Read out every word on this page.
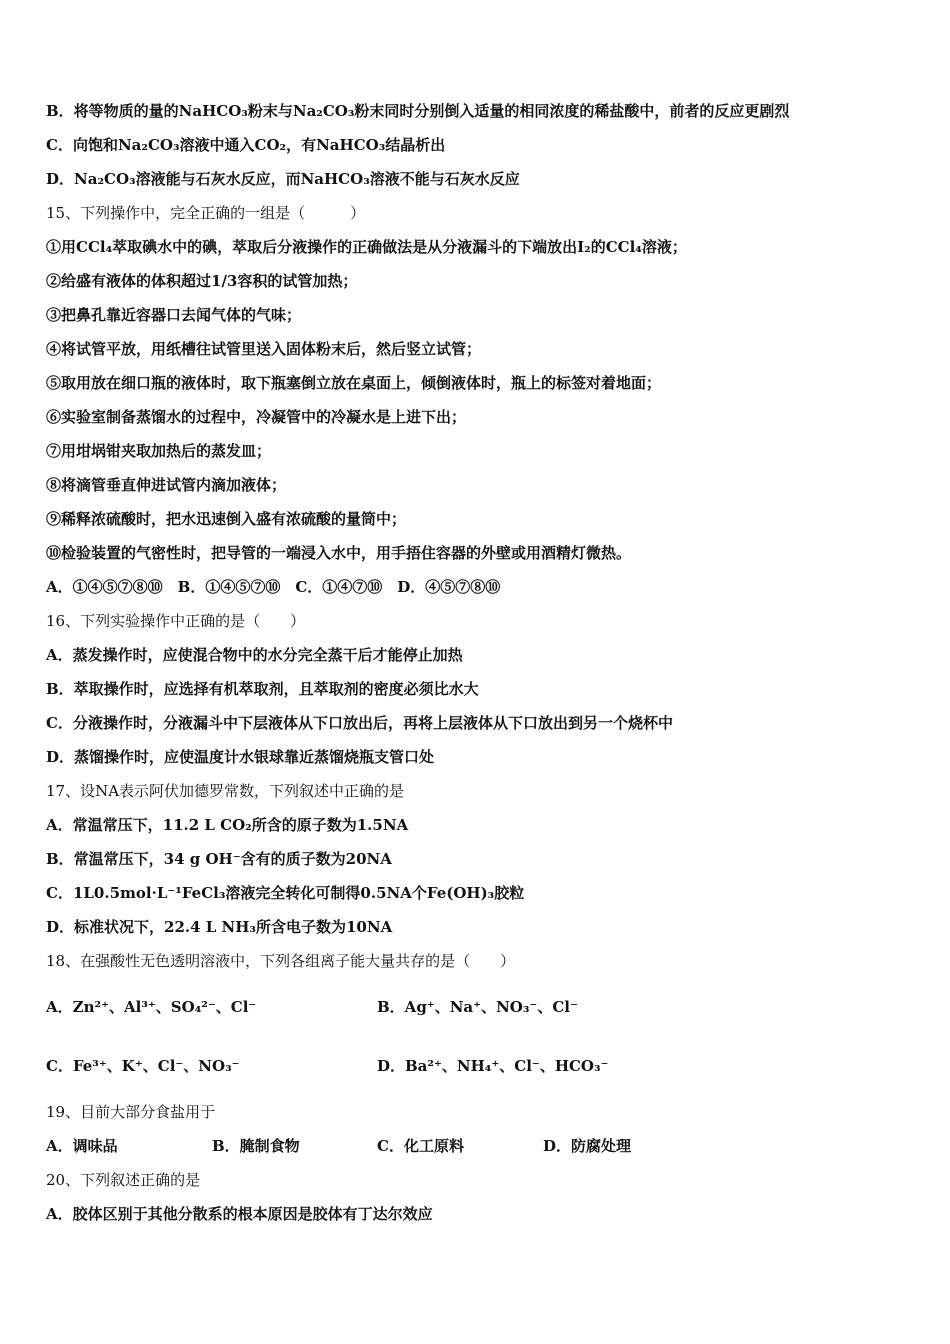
B．将等物质的量的NaHCO₃粉末与Na₂CO₃粉末同时分别倒入适量的相同浓度的稀盐酸中，前者的反应更剧烈
C．向饱和Na₂CO₃溶液中通入CO₂，有NaHCO₃结晶析出
D．Na₂CO₃溶液能与石灰水反应，而NaHCO₃溶液不能与石灰水反应
15、下列操作中，完全正确的一组是（　　　）
①用CCl₄萃取碘水中的碘，萃取后分液操作的正确做法是从分液漏斗的下端放出I₂的CCl₄溶液；
②给盛有液体的体积超过1/3容积的试管加热；
③把鼻孔靠近容器口去闻气体的气味；
④将试管平放，用纸槽往试管里送入固体粉末后，然后竖立试管；
⑤取用放在细口瓶的液体时，取下瓶塞倒立放在桌面上，倾倒液体时，瓶上的标签对着地面；
⑥实验室制备蒸馏水的过程中，冷凝管中的冷凝水是上进下出；
⑦用坩埚钳夹取加热后的蒸发皿；
⑧将滴管垂直伸进试管内滴加液体；
⑨稀释浓硫酸时，把水迅速倒入盛有浓硫酸的量筒中；
⑩检验装置的气密性时，把导管的一端浸入水中，用手捂住容器的外壁或用酒精灯微热。
A．①④⑤⑦⑧⑩　B．①④⑤⑦⑩　C．①④⑦⑩　D．④⑤⑦⑧⑩
16、下列实验操作中正确的是（　　）
A．蒸发操作时，应使混合物中的水分完全蒸干后才能停止加热
B．萃取操作时，应选择有机萃取剂，且萃取剂的密度必须比水大
C．分液操作时，分液漏斗中下层液体从下口放出后，再将上层液体从下口放出到另一个烧杯中
D．蒸馏操作时，应使温度计水银球靠近蒸馏烧瓶支管口处
17、设NA表示阿伏加德罗常数，下列叙述中正确的是
A．常温常压下，11.2 L CO₂所含的原子数为1.5NA
B．常温常压下，34 g OH⁻含有的质子数为20NA
C．1L0.5mol·L⁻¹FeCl₃溶液完全转化可制得0.5NA个Fe(OH)₃胶粒
D．标准状况下，22.4 L NH₃所含电子数为10NA
18、在强酸性无色透明溶液中，下列各组离子能大量共存的是（　　）
A．Zn²⁺、Al³⁺、SO₄²⁻、Cl⁻	B．Ag⁺、Na⁺、NO₃⁻、Cl⁻
C．Fe³⁺、K⁺、Cl⁻、NO₃⁻	D．Ba²⁺、NH₄⁺、Cl⁻、HCO₃⁻
19、目前大部分食盐用于
A．调味品	B．腌制食物	C．化工原料	D．防腐处理
20、下列叙述正确的是
A．胶体区别于其他分散系的根本原因是胶体有丁达尔效应
